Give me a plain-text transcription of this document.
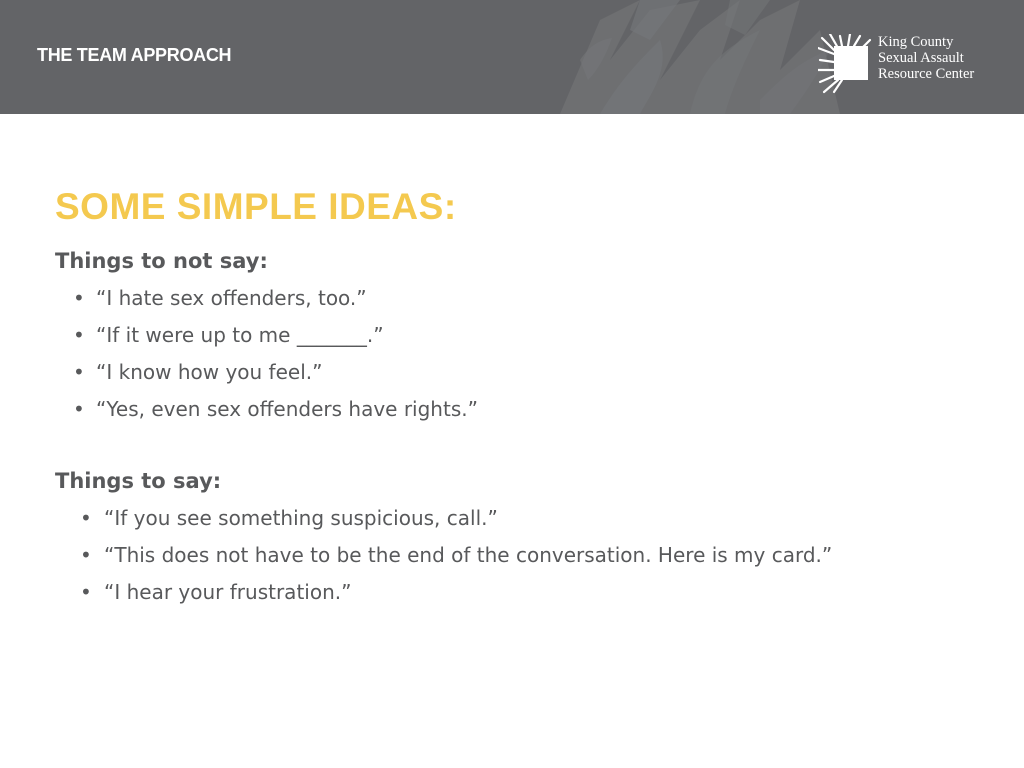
THE TEAM APPROACH
King County
Sexual Assault
Resource Center
SOME SIMPLE IDEAS:
Things to not say:
• “I hate sex offenders, too.”
• “If it were up to me _______.”
• “I know how you feel.”
• “Yes, even sex offenders have rights.”
Things to say:
• “If you see something suspicious, call.”
• “This does not have to be the end of the conversation. Here is my card.”
• “I hear your frustration.”
